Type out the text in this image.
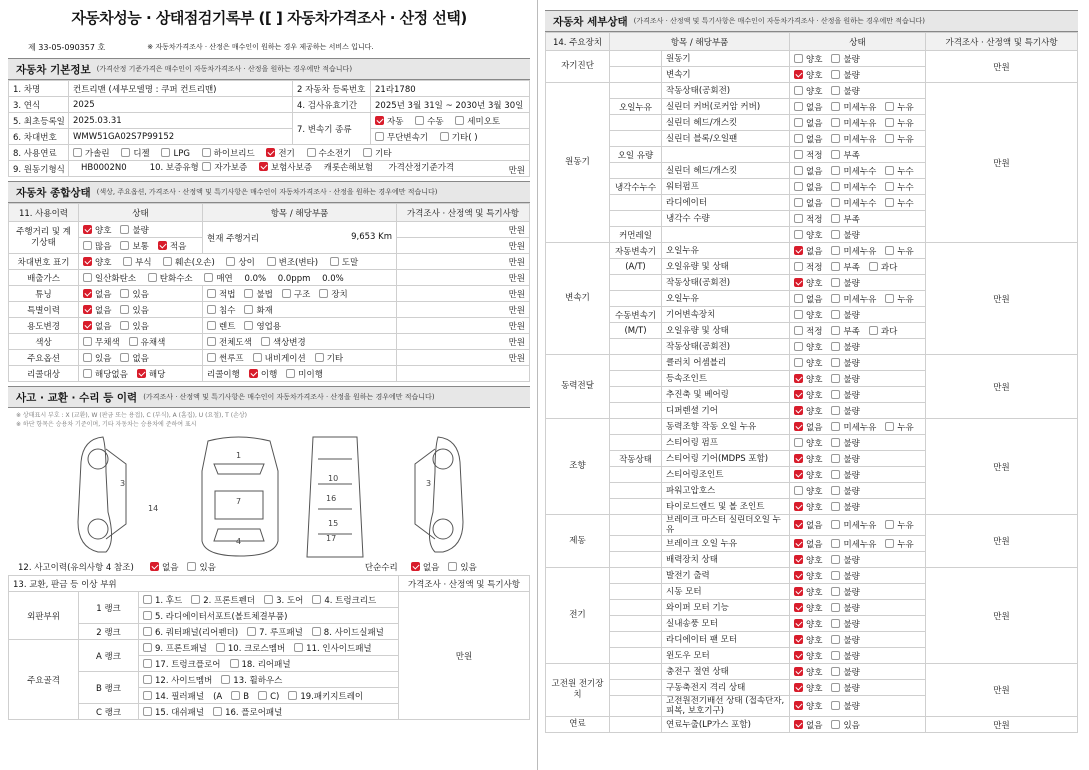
자동차성능 · 상태점검기록부 ([ ] 자동차가격조사 · 산정 선택)
제
33-05-090357
호	※ 자동차가격조사 · 산정은 매수인이 원하는 경우 제공하는 서비스 입니다.
자동차 기본정보 (가격산정 기준가격은 매수인이 자동차가격조사 · 산정을 원하는 경우에만 적습니다)
1. 차명	컨트리맨 (세부모델명 : 쿠퍼 컨트리맨)	2 자동차 등록번호	21라1780
3. 연식	2025	4. 검사유효기간	2025년 3월 31일 ~ 2030년 3월 30일
5. 최초등록일	2025.03.31	7. 변속기 종류	자동 수동 세미오토
6. 차대번호	WMW51GA02S7P99152		무단변속기 기타( )
8. 사용연료	가솔린 디젤 LPG 하이브리드 전기 수소전기 기타		
9. 원동기형식	HB0002N0 10. 보증유형 자가보증 보험사보증 캐롯손해보험 가격산정기준가격 만원		
자동차 종합상태 (색상, 주요옵션, 가격조사 · 산정액 및 특기사항은 매수인이 자동차가격조사 · 산정을 원하는 경우에만 적습니다)
11. 사용이력	상태	항목 / 해당부품	가격조사 · 산정액 및 특기사항
주행거리 및 계기상태	양호 불량	현재 주행거리 9,653 Km	만원
	많음 보통 적음		만원
차대번호 표기	양호 부식 훼손(오손) 상이 변조(변타) 도말		만원
배출가스	일산화탄소 탄화수소 매연 0.0% 0.0ppm 0.0%		만원
튜닝	없음 있음	적법 불법 구조 장치	만원
특별이력	없음 있음	침수 화재	만원
용도변경	없음 있음	렌트 영업용	만원
색상	무채색 유채색	전체도색 색상변경	만원
주요옵션	있음 없음	썬루프 내비게이션 기타	만원
리콜대상	해당없음 해당	리콜이행 이행 미이행	
사고 · 교환 · 수리 등 이력 (가격조사 · 산정액 및 특기사항은 매수인이 자동차가격조사 · 산정을 원하는 경우에만 적습니다)
※ 상태표시 부호 : X (교환), W (판금 또는 용접), C (부식), A (흠집), U (요철), T (손상)
※ 하단 항목은 승용차 기준이며, 기타 자동차는 승용차에 준하여 표시
1
4
7	16
10
15
17
3	3
14
12. 사고이력(유의사항 4 참조)	없음	있음	단순수리	없음	있음
13. 교환, 판금 등 이상 부위			가격조사 · 산정액 및 특기사항
외판부위	1 랭크	1. 후드 2. 프론트펜더 3. 도어 4. 트렁크리드	만원
		5. 라디에이터서포트(볼트체결부품)	
	2 랭크	6. 쿼터패널(리어펜더) 7. 루프패널 8. 사이드실패널	
주요골격	A 랭크	9. 프론트패널 10. 크로스멤버 11. 인사이드패널	
		17. 트렁크플로어 18. 리어패널	
	B 랭크	12. 사이드멤버 13. 휠하우스	
		14. 필러패널 (A B C) 19.패키지트레이	
	C 랭크	15. 대쉬패널 16. 플로어패널	
자동차 세부상태 (가격조사 · 산정액 및 특기사항은 매수인이 자동차가격조사 · 산정을 원하는 경우에만 적습니다)
14. 주요장치	항목 / 해당부품		상태	가격조사 · 산정액 및 특기사항
자기진단		원동기	양호 불량	만원
		변속기	양호 불량	
원동기		작동상태(공회전)	양호 불량	만원
	오일누유	실린더 커버(로커암 커버)	없음 미세누유 누유	
		실린더 헤드/개스킷	없음 미세누유 누유	
		실린더 블록/오일팬	없음 미세누유 누유	
	오일 유량		적정 부족	
		실린더 헤드/개스킷	없음 미세누수 누수	
	냉각수누수	워터펌프	없음 미세누수 누수	
		라디에이터	없음 미세누수 누수	
		냉각수 수량	적정 부족	
	커먼레일		양호 불량	
변속기	자동변속기	오일누유	없음 미세누유 누유	만원
	(A/T)	오일유량 및 상태	적정 부족 과다	
		작동상태(공회전)	양호 불량	
		오일누유	없음 미세누유 누유	
	수동변속기	기어변속장치	양호 불량	
	(M/T)	오일유량 및 상태	적정 부족 과다	
		작동상태(공회전)	양호 불량	
동력전달		클러치 어셈블리	양호 불량	만원
		등속조인트	양호 불량	
		추진축 및 베어링	양호 불량	
		디퍼렌셜 기어	양호 불량	
조향		동력조향 작동 오일 누유	없음 미세누유 누유	만원
		스티어링 펌프	양호 불량	
	작동상태	스티어링 기어(MDPS 포함)	양호 불량	
		스티어링조인트	양호 불량	
		파워고압호스	양호 불량	
		타이로드엔드 및 볼 조인트	양호 불량	
제동		브레이크 마스터 실린더오일 누유	없음 미세누유 누유	만원
		브레이크 오일 누유	없음 미세누유 누유	
		배력장치 상태	양호 불량	
전기		발전기 출력	양호 불량	만원
		시동 모터	양호 불량	
		와이퍼 모터 기능	양호 불량	
		실내송풍 모터	양호 불량	
		라디에이터 팬 모터	양호 불량	
		윈도우 모터	양호 불량	
고전원 전기장치		충전구 절연 상태	양호 불량	만원
		구동축전지 격리 상태	양호 불량	
		고전원전기배선 상태 (접속단자, 피복, 보호기구)	양호 불량	
연료		연료누출(LP가스 포함)	없음 있음	만원
